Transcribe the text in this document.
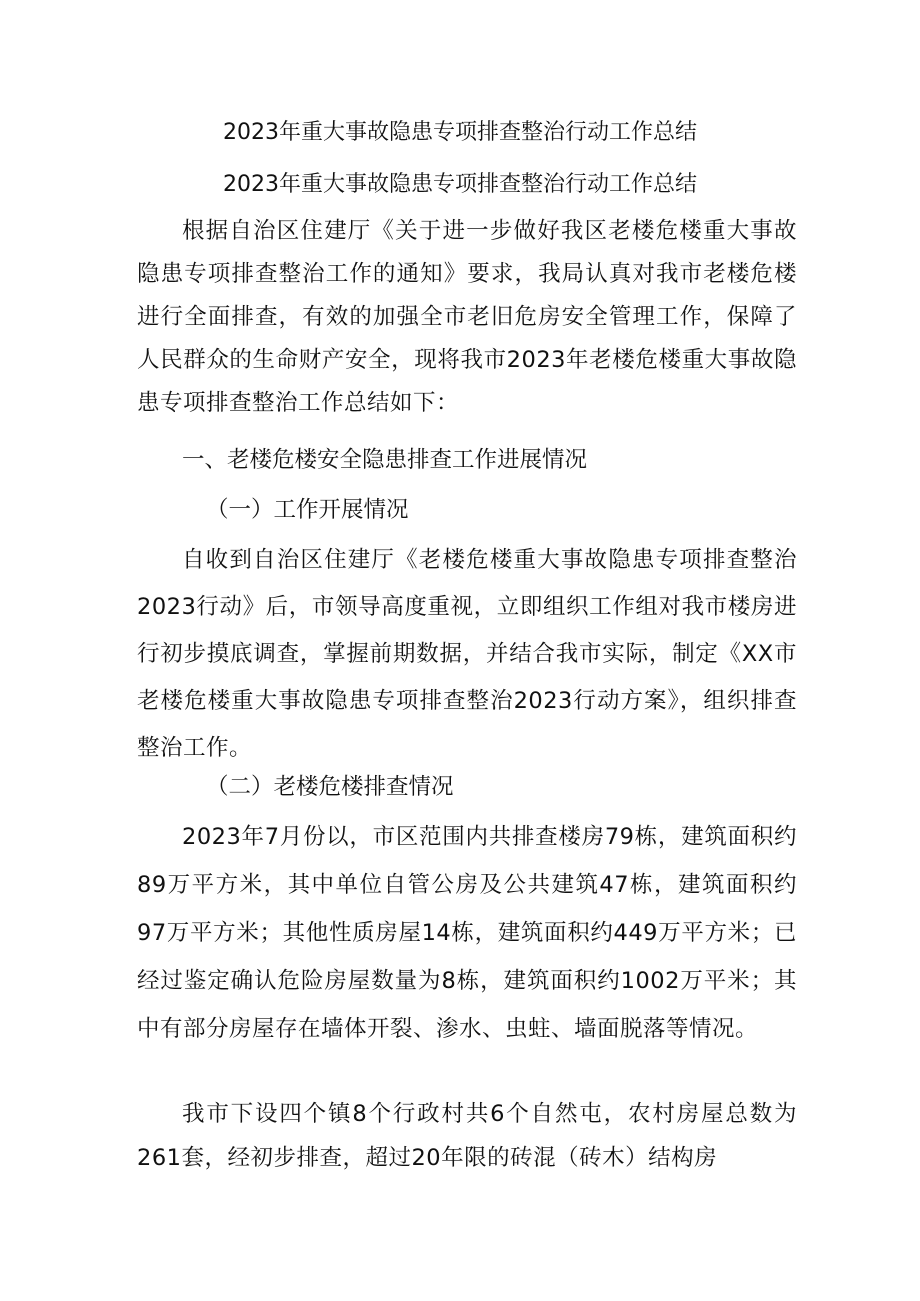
2023年重大事故隐患专项排查整治行动工作总结
2023年重大事故隐患专项排查整治行动工作总结
根据自治区住建厅《关于进一步做好我区老楼危楼重大事故隐患专项排查整治工作的通知》要求，我局认真对我市老楼危楼进行全面排查，有效的加强全市老旧危房安全管理工作，保障了人民群众的生命财产安全，现将我市2023年老楼危楼重大事故隐患专项排查整治工作总结如下：
一、老楼危楼安全隐患排查工作进展情况
（一）工作开展情况
自收到自治区住建厅《老楼危楼重大事故隐患专项排查整治2023行动》后，市领导高度重视，立即组织工作组对我市楼房进行初步摸底调查，掌握前期数据，并结合我市实际，制定《XX市老楼危楼重大事故隐患专项排查整治2023行动方案》，组织排查整治工作。
（二）老楼危楼排查情况
2023年7月份以，市区范围内共排查楼房79栋，建筑面积约89万平方米，其中单位自管公房及公共建筑47栋，建筑面积约97万平方米；其他性质房屋14栋，建筑面积约449万平方米；已经过鉴定确认危险房屋数量为8栋，建筑面积约1002万平米；其中有部分房屋存在墙体开裂、渗水、虫蛀、墙面脱落等情况。
我市下设四个镇8个行政村共6个自然屯，农村房屋总数为261套，经初步排查，超过20年限的砖混（砖木）结构房
